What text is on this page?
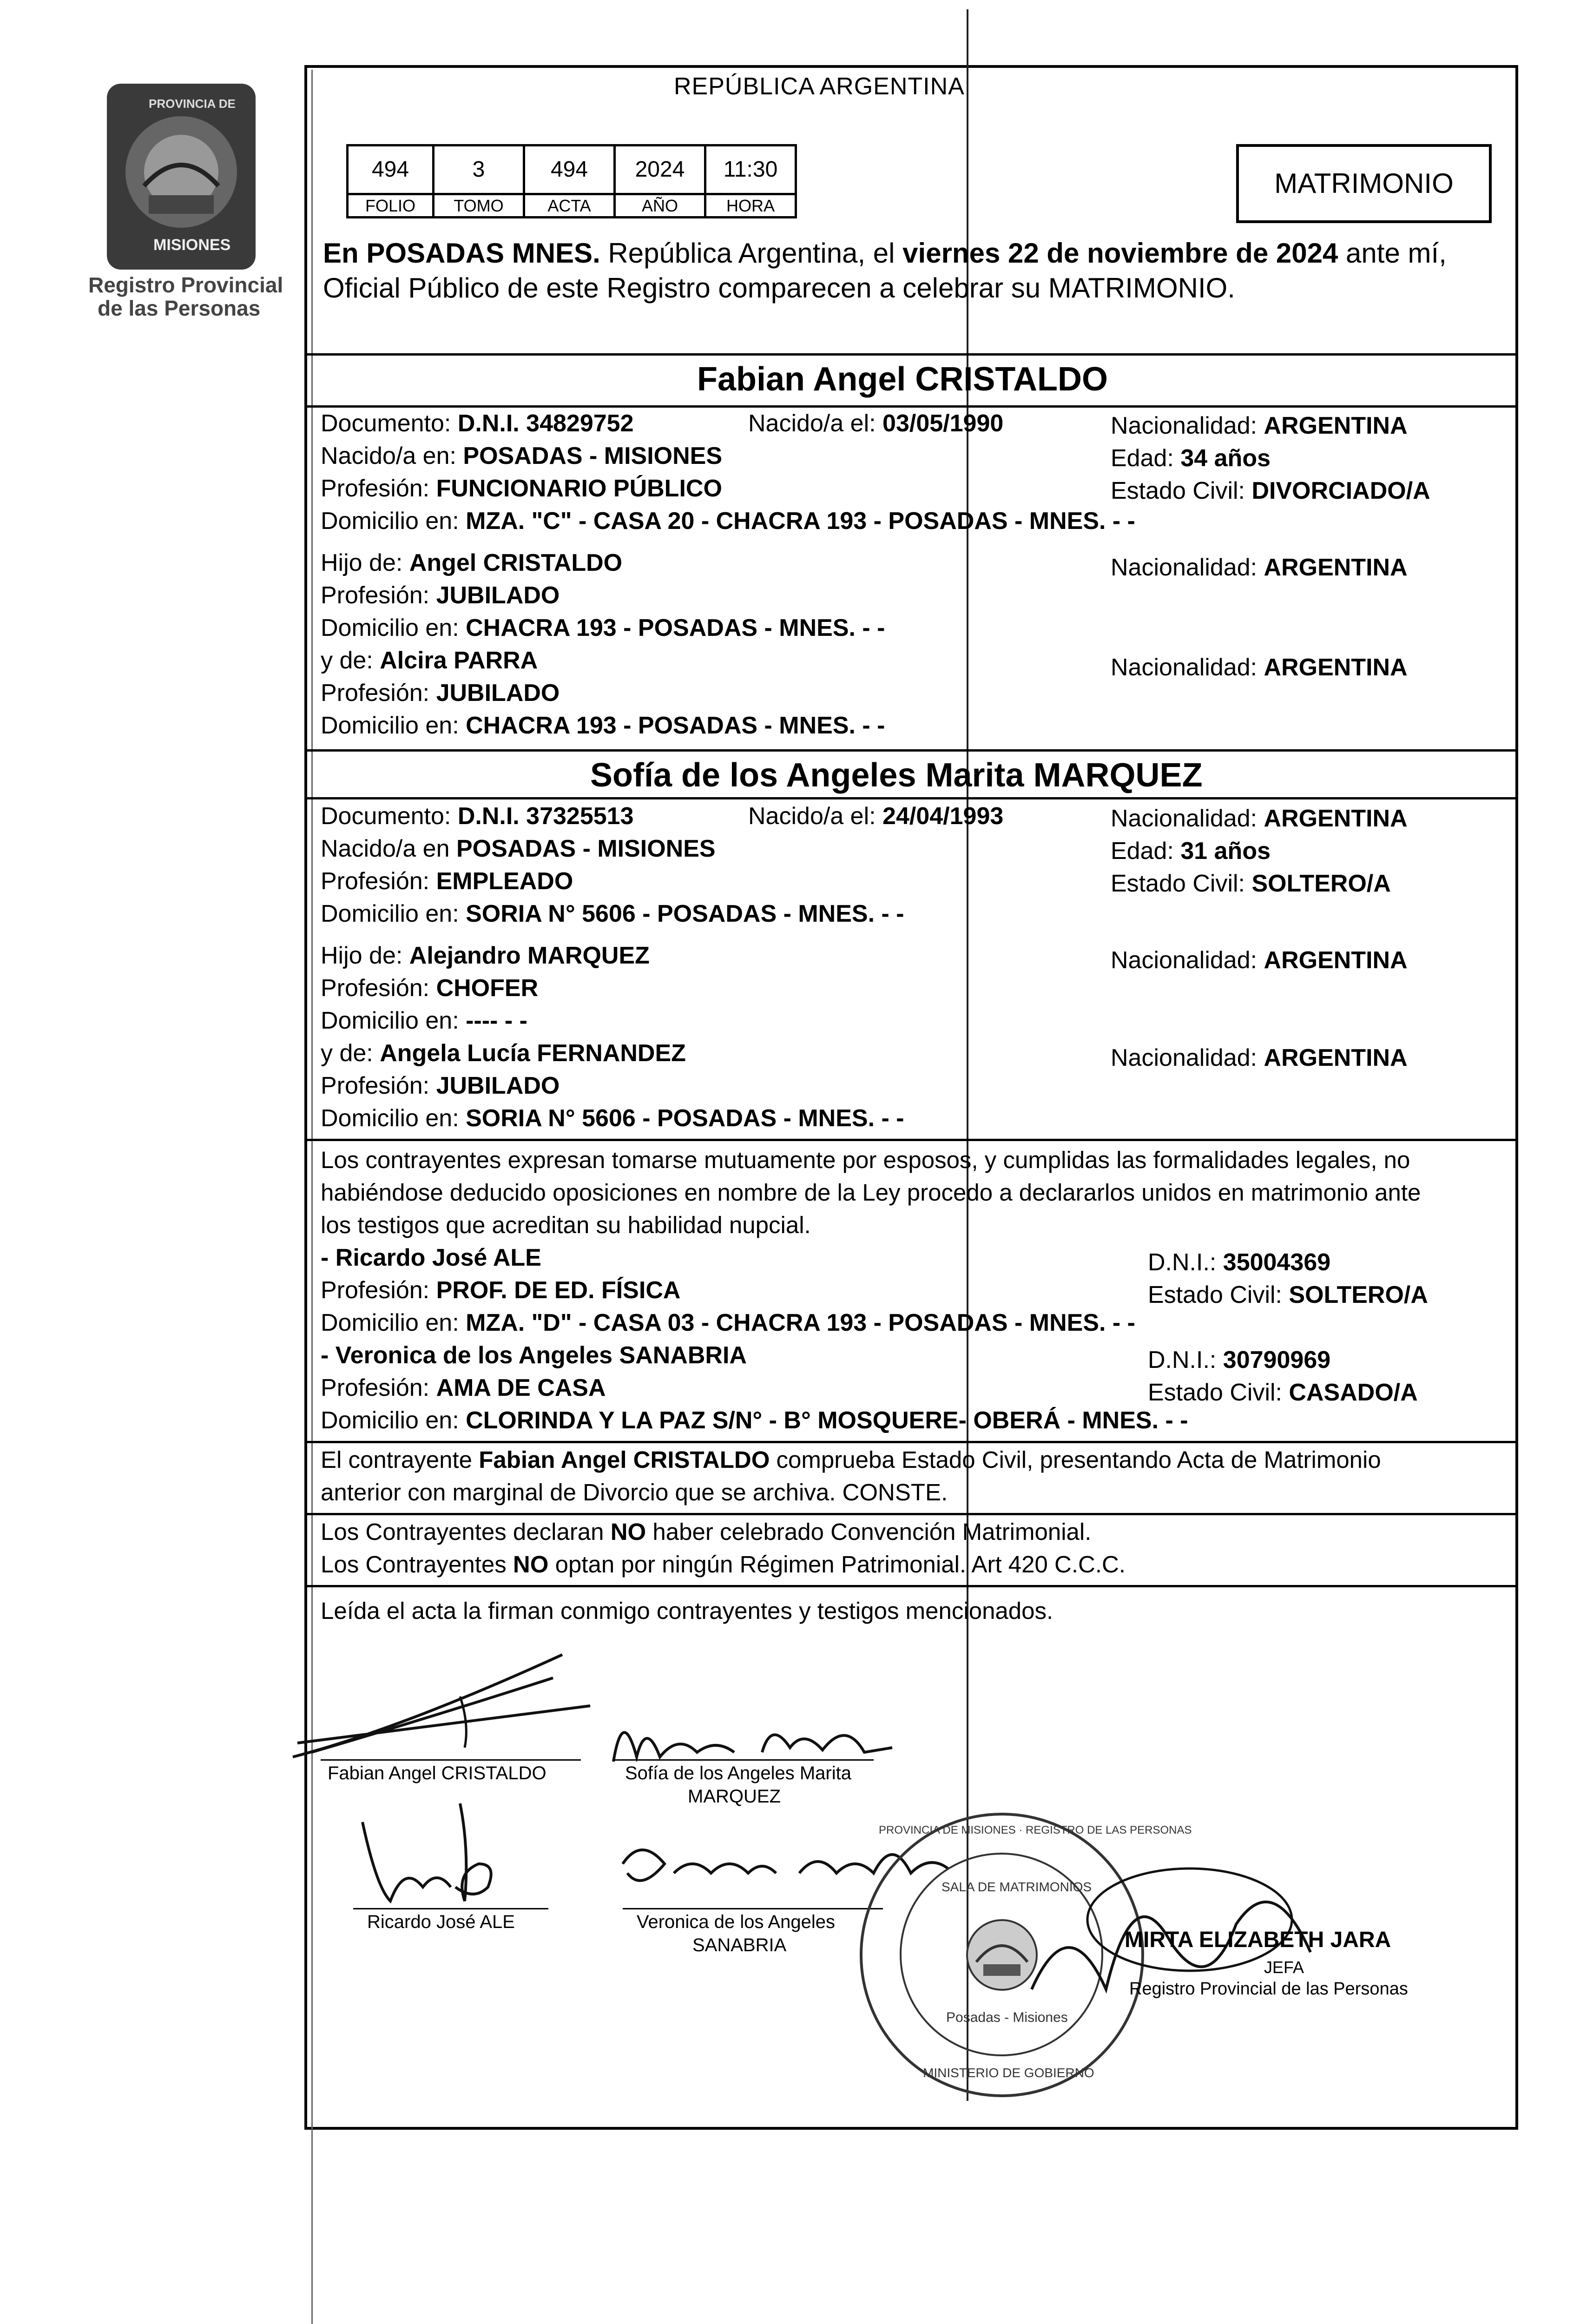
PROVINCIA DE
MISIONES
Registro Provincial
de las Personas
REPÚBLICA ARGENTINA
494	3	494 2024 11:30
FOLIO TOMO	ACTA	AÑO	HORA
MATRIMONIO
En POSADAS MNES. República Argentina, el viernes 22 de noviembre de 2024 ante mí,
Oficial Público de este Registro comparecen a celebrar su MATRIMONIO.
Fabian Angel CRISTALDO
Documento: D.N.I. 34829752	Nacido/a el: 03/05/1990	Nacionalidad: ARGENTINA
Nacido/a en: POSADAS - MISIONES	Edad: 34 años
Profesión: FUNCIONARIO PÚBLICO	Estado Civil: DIVORCIADO/A
Domicilio en: MZA. "C" - CASA 20 - CHACRA 193 - POSADAS - MNES. - -
Hijo de: Angel CRISTALDO	Nacionalidad: ARGENTINA
Profesión: JUBILADO
Domicilio en: CHACRA 193 - POSADAS - MNES. - -
y de: Alcira PARRA	Nacionalidad: ARGENTINA
Profesión: JUBILADO
Domicilio en: CHACRA 193 - POSADAS - MNES. - -
Sofía de los Angeles Marita MARQUEZ
Documento: D.N.I. 37325513	Nacido/a el: 24/04/1993	Nacionalidad: ARGENTINA
Nacido/a en POSADAS - MISIONES	Edad: 31 años
Profesión: EMPLEADO	Estado Civil: SOLTERO/A
Domicilio en: SORIA N° 5606 - POSADAS - MNES. - -
Hijo de: Alejandro MARQUEZ	Nacionalidad: ARGENTINA
Profesión: CHOFER
Domicilio en: ---- - -
y de: Angela Lucía FERNANDEZ	Nacionalidad: ARGENTINA
Profesión: JUBILADO
Domicilio en: SORIA N° 5606 - POSADAS - MNES. - -
Los contrayentes expresan tomarse mutuamente por esposos, y cumplidas las formalidades legales, no
habiéndose deducido oposiciones en nombre de la Ley procedo a declararlos unidos en matrimonio ante
los testigos que acreditan su habilidad nupcial.
- Ricardo José ALE	D.N.I.: 35004369
Profesión: PROF. DE ED. FÍSICA	Estado Civil: SOLTERO/A
Domicilio en: MZA. "D" - CASA 03 - CHACRA 193 - POSADAS - MNES. - -
- Veronica de los Angeles SANABRIA	D.N.I.: 30790969
Profesión: AMA DE CASA	Estado Civil: CASADO/A
Domicilio en: CLORINDA Y LA PAZ S/N° - B° MOSQUERE- OBERÁ - MNES. - -
El contrayente Fabian Angel CRISTALDO comprueba Estado Civil, presentando Acta de Matrimonio
anterior con marginal de Divorcio que se archiva. CONSTE.
Los Contrayentes declaran NO haber celebrado Convención Matrimonial.
Los Contrayentes NO optan por ningún Régimen Patrimonial. Art 420 C.C.C.
Leída el acta la firman conmigo contrayentes y testigos mencionados.
Fabian Angel CRISTALDO	Sofía de los Angeles Marita
MARQUEZ
Ricardo José ALE	Veronica de los Angeles
SANABRIA
PROVINCIA DE MISIONES · REGISTRO DE LAS PERSONAS
SALA DE MATRIMONIOS
Posadas - Misiones
MINISTERIO DE GOBIERNO
MIRTA ELIZABETH JARA
JEFA
Registro Provincial de las Personas
